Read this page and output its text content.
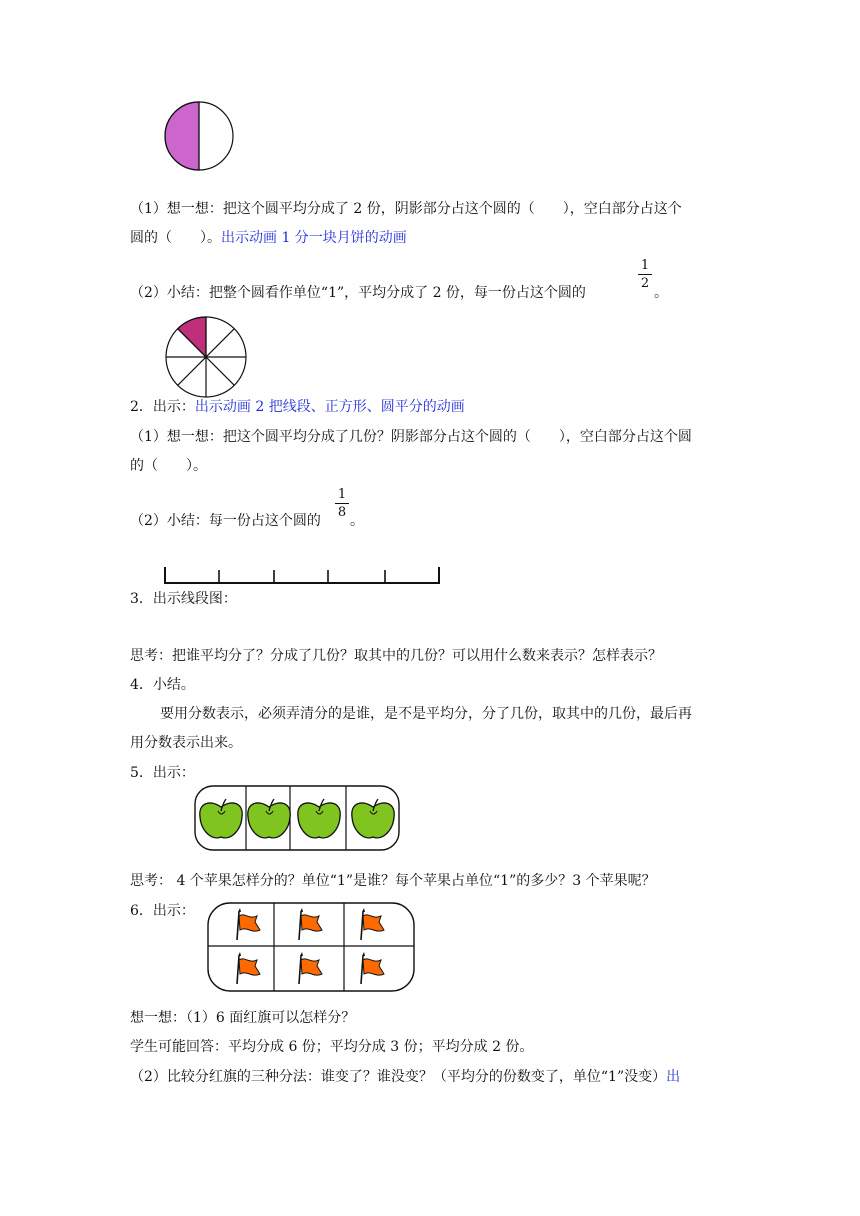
（1）想一想：把这个圆平均分成了 2 份，阴影部分占这个圆的（　　），空白部分占这个
圆的（　　）。出示动画 1 分一块月饼的动画
（2）小结：把整个圆看作单位“1”，平均分成了 2 份，每一份占这个圆的
1
2
。
2．出示：出示动画 2 把线段、正方形、圆平分的动画
（1）想一想：把这个圆平均分成了几份？阴影部分占这个圆的（　　），空白部分占这个圆
的（　　）。
（2）小结：每一份占这个圆的
1
8
。
3．出示线段图：
思考：把谁平均分了？分成了几份？取其中的几份？可以用什么数来表示？怎样表示？
4．小结。
要用分数表示，必须弄清分的是谁，是不是平均分，分了几份，取其中的几份，最后再
用分数表示出来。
5．出示：
思考： 4 个苹果怎样分的？单位“1”是谁？每个苹果占单位“1”的多少？3 个苹果呢？
6．出示：
想一想：（1）6 面红旗可以怎样分？
学生可能回答：平均分成 6 份；平均分成 3 份；平均分成 2 份。
（2）比较分红旗的三种分法：谁变了？谁没变？（平均分的份数变了，单位“1”没变）出
